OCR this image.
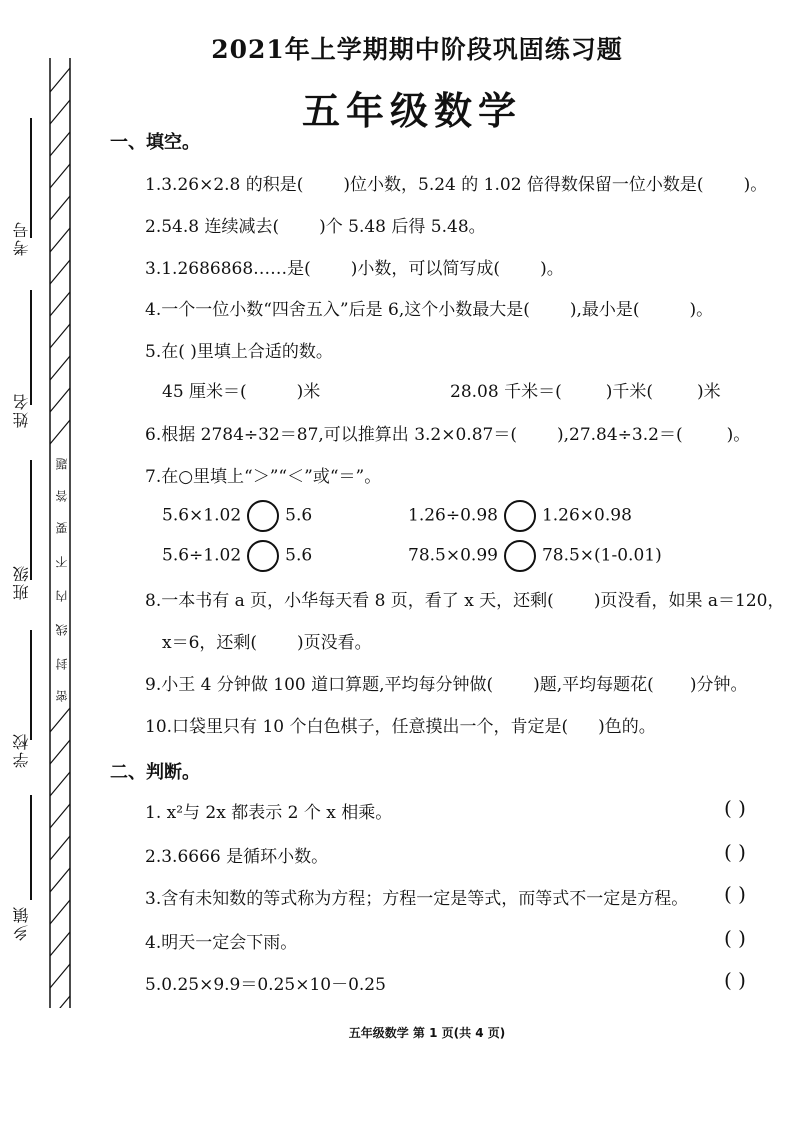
考号
姓名
班级
学校
乡镇
题
答
要
不
内
线
封
密
2021年上学期期中阶段巩固练习题
五年级数学
一、填空。
1.3.26×2.8 的积是( )位小数，5.24 的 1.02 倍得数保留一位小数是( )。
2.54.8 连续减去( )个 5.48 后得 5.48。
3.1.2686868……是( )小数，可以简写成( )。
4.一个一位小数“四舍五入”后是 6,这个小数最大是( ),最小是(	)。
5.在( )里填上合适的数。
45 厘米＝(	)米	28.08 千米＝(	)千米(	)米
6.根据 2784÷32＝87,可以推算出 3.2×0.87＝( ),27.84÷3.2＝(	)。
7.在○里填上“＞”“＜”或“＝”。
5.6×1.02	5.6	1.26÷0.98	1.26×0.98
5.6÷1.02	5.6	78.5×0.99	78.5×(1-0.01)
8.一本书有 a 页，小华每天看 8 页，看了 x 天，还剩( )页没看，如果 a＝120，
x＝6，还剩( )页没看。
9.小王 4 分钟做 100 道口算题,平均每分钟做( )题,平均每题花( )分钟。
10.口袋里只有 10 个白色棋子，任意摸出一个，肯定是( )色的。
二、判断。
1. x²与 2x 都表示 2 个 x 相乘。	( )
2.3.6666 是循环小数。	( )
3.含有未知数的等式称为方程；方程一定是等式，而等式不一定是方程。 ( )
4.明天一定会下雨。	( )
5.0.25×9.9＝0.25×10－0.25	( )
五年级数学 第 1 页(共 4 页)
